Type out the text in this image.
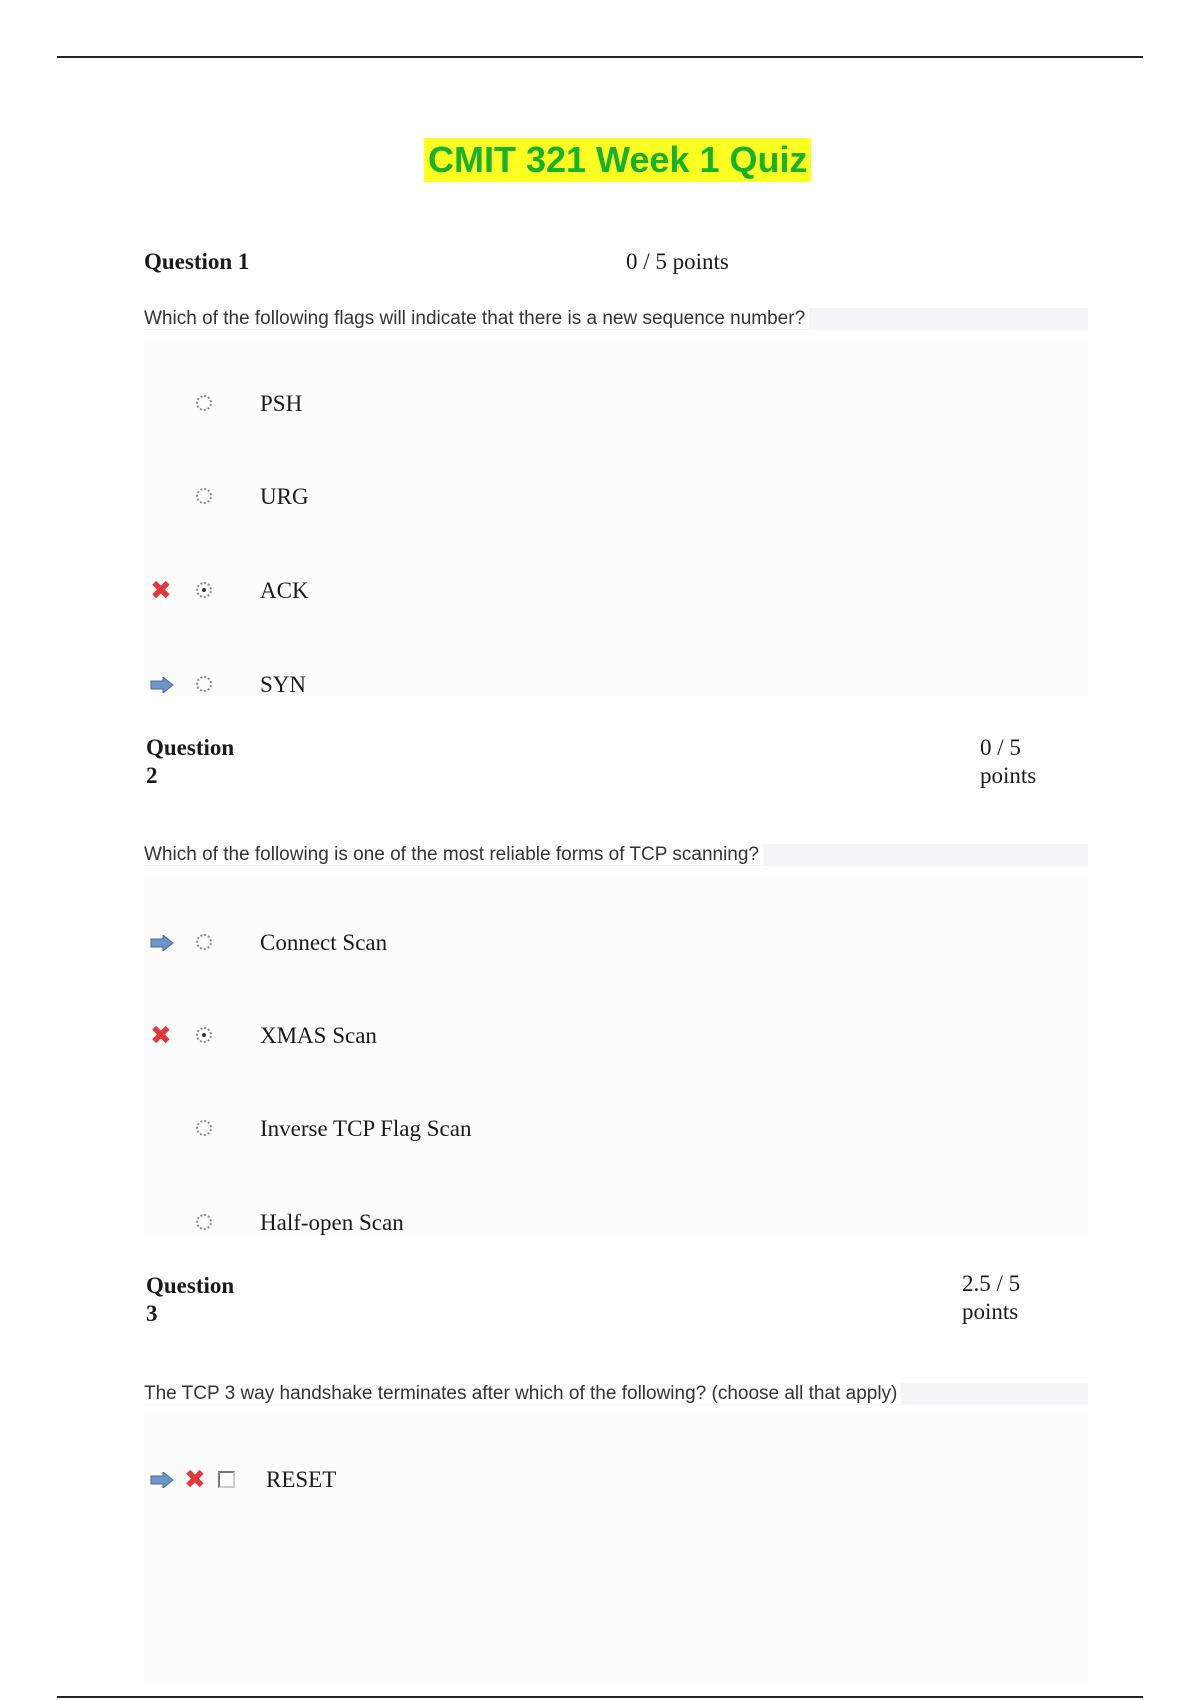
CMIT 321 Week 1 Quiz
Question 1	0 / 5 points
Which of the following flags will indicate that there is a new sequence number?
PSH
URG
✖	ACK
SYN
Question
2
0 / 5
points
Which of the following is one of the most reliable forms of TCP scanning?
Connect Scan
✖	XMAS Scan
Inverse TCP Flag Scan
Half-open Scan
Question
3
2.5 / 5
points
The TCP 3 way handshake terminates after which of the following? (choose all that apply)
✖	RESET
